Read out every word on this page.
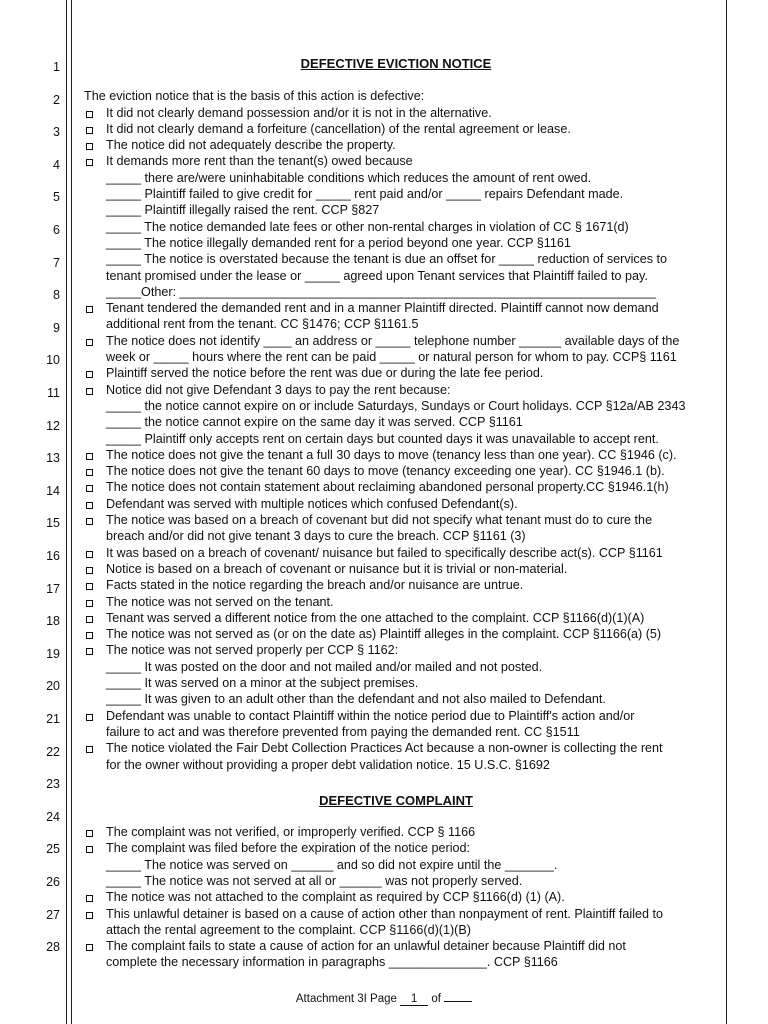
1
2
3
4
5
6
7
8
9
10
11
12
13
14
15
16
17
18
19
20
21
22
23
24
25
26
27
28
DEFECTIVE EVICTION NOTICE
The eviction notice that is the basis of this action is defective:
It did not clearly demand possession and/or it is not in the alternative.
It did not clearly demand a forfeiture (cancellation) of the rental agreement or lease.
The notice did not adequately describe the property.
It demands more rent than the tenant(s) owed because
_____ there are/were uninhabitable conditions which reduces the amount of rent owed.
_____ Plaintiff failed to give credit for _____ rent paid and/or _____ repairs Defendant made.
_____ Plaintiff illegally raised the rent. CCP §827
_____ The notice demanded late fees or other non-rental charges in violation of CC § 1671(d)
_____ The notice illegally demanded rent for a period beyond one year. CCP §1161
_____ The notice is overstated because the tenant is due an offset for _____ reduction of services to
tenant promised under the lease or _____ agreed upon Tenant services that Plaintiff failed to pay.
_____Other: ____________________________________________________________________
Tenant tendered the demanded rent and in a manner Plaintiff directed. Plaintiff cannot now demand
additional rent from the tenant. CC §1476; CCP §1161.5
The notice does not identify ____ an address or _____ telephone number ______ available days of the
week or _____ hours where the rent can be paid _____ or natural person for whom to pay. CCP§ 1161
Plaintiff served the notice before the rent was due or during the late fee period.
Notice did not give Defendant 3 days to pay the rent because:
_____ the notice cannot expire on or include Saturdays, Sundays or Court holidays. CCP §12a/AB 2343
_____ the notice cannot expire on the same day it was served. CCP §1161
_____ Plaintiff only accepts rent on certain days but counted days it was unavailable to accept rent.
The notice does not give the tenant a full 30 days to move (tenancy less than one year). CC §1946 (c).
The notice does not give the tenant 60 days to move (tenancy exceeding one year). CC §1946.1 (b).
The notice does not contain statement about reclaiming abandoned personal property.CC §1946.1(h)
Defendant was served with multiple notices which confused Defendant(s).
The notice was based on a breach of covenant but did not specify what tenant must do to cure the
breach and/or did not give tenant 3 days to cure the breach. CCP §1161 (3)
It was based on a breach of covenant/ nuisance but failed to specifically describe act(s). CCP §1161
Notice is based on a breach of covenant or nuisance but it is trivial or non-material.
Facts stated in the notice regarding the breach and/or nuisance are untrue.
The notice was not served on the tenant.
Tenant was served a different notice from the one attached to the complaint. CCP §1166(d)(1)(A)
The notice was not served as (or on the date as) Plaintiff alleges in the complaint. CCP §1166(a) (5)
The notice was not served properly per CCP § 1162:
_____ It was posted on the door and not mailed and/or mailed and not posted.
_____ It was served on a minor at the subject premises.
_____ It was given to an adult other than the defendant and not also mailed to Defendant.
Defendant was unable to contact Plaintiff within the notice period due to Plaintiff's action and/or
failure to act and was therefore prevented from paying the demanded rent. CC §1511
The notice violated the Fair Debt Collection Practices Act because a non-owner is collecting the rent
for the owner without providing a proper debt validation notice. 15 U.S.C. §1692
DEFECTIVE COMPLAINT
The complaint was not verified, or improperly verified. CCP § 1166
The complaint was filed before the expiration of the notice period:
_____ The notice was served on ______ and so did not expire until the _______.
_____ The notice was not served at all or ______ was not properly served.
The notice was not attached to the complaint as required by CCP §1166(d) (1) (A).
This unlawful detainer is based on a cause of action other than nonpayment of rent. Plaintiff failed to
attach the rental agreement to the complaint. CCP §1166(d)(1)(B)
The complaint fails to state a cause of action for an unlawful detainer because Plaintiff did not
complete the necessary information in paragraphs ______________. CCP §1166
Attachment 3I Page 1 of
